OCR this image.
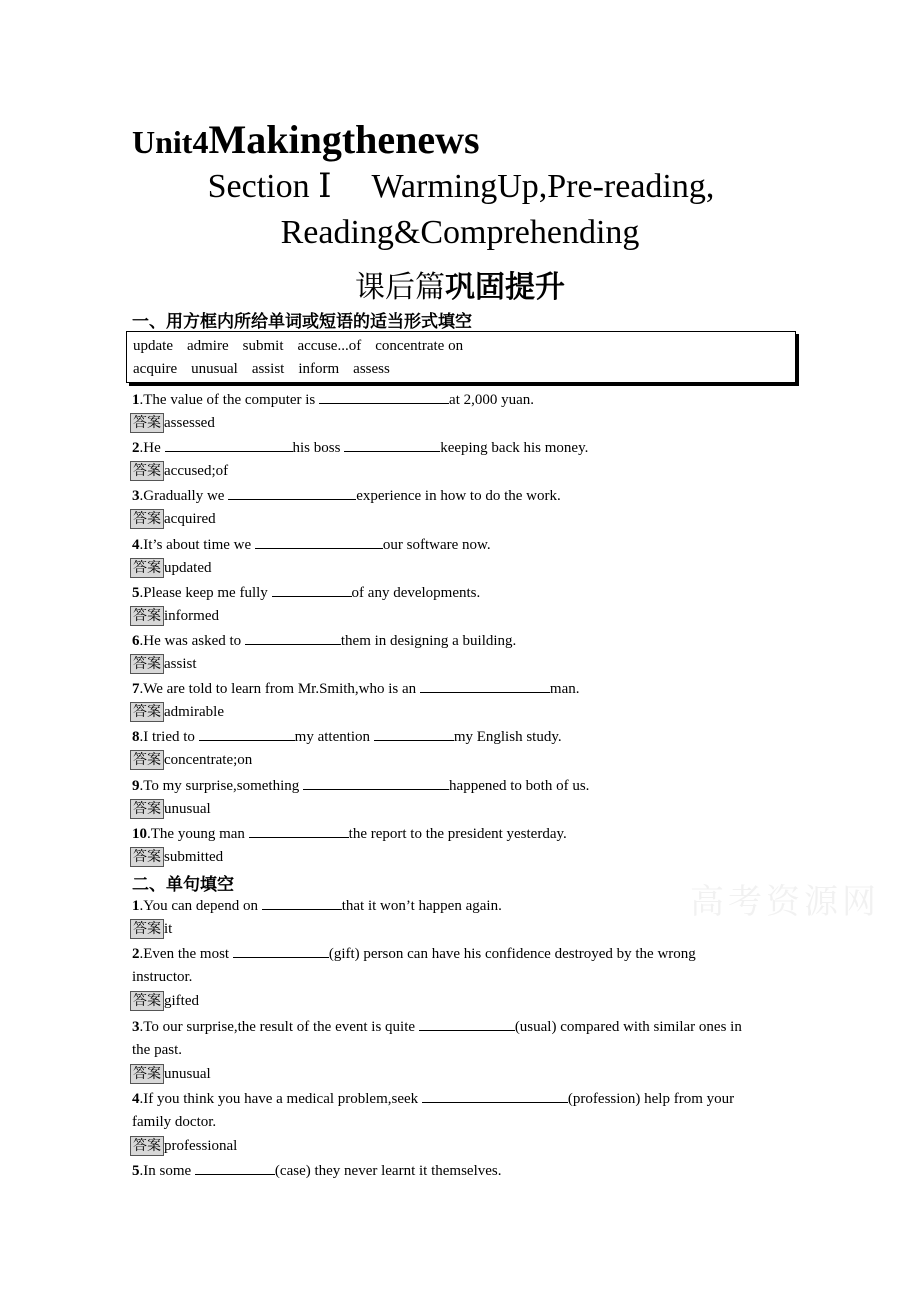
Unit4Makingthenews
Section Ⅰ WarmingUp,Pre-reading,
Reading&Comprehending
课后篇巩固提升
一、用方框内所给单词或短语的适当形式填空
update admire submit accuse...of concentrate on
acquire unusual assist inform assess
1.The value of the computer is	at 2,000 yuan.
答案 assessed
2.He	his boss	keeping back his money.
答案 accused;of
3.Gradually we	experience in how to do the work.
答案 acquired
4.It’s about time we	our software now.
答案 updated
5.Please keep me fully	of any developments.
答案 informed
6.He was asked to	them in designing a building.
答案 assist
7.We are told to learn from Mr.Smith,who is an	man.
答案 admirable
8.I tried to	my attention	my English study.
答案 concentrate;on
9.To my surprise,something	happened to both of us.
答案 unusual
10.The young man	the report to the president yesterday.
答案 submitted
二、单句填空
1.You can depend on	that it won’t happen again.
答案 it
2.Even the most	(gift) person can have his confidence destroyed by the wrong
instructor.
答案 gifted
3.To our surprise,the result of the event is quite	(usual) compared with similar ones in
the past.
答案 unusual
4.If you think you have a medical problem,seek	(profession) help from your
family doctor.
答案 professional
5.In some	(case) they never learnt it themselves.
高考资源网
